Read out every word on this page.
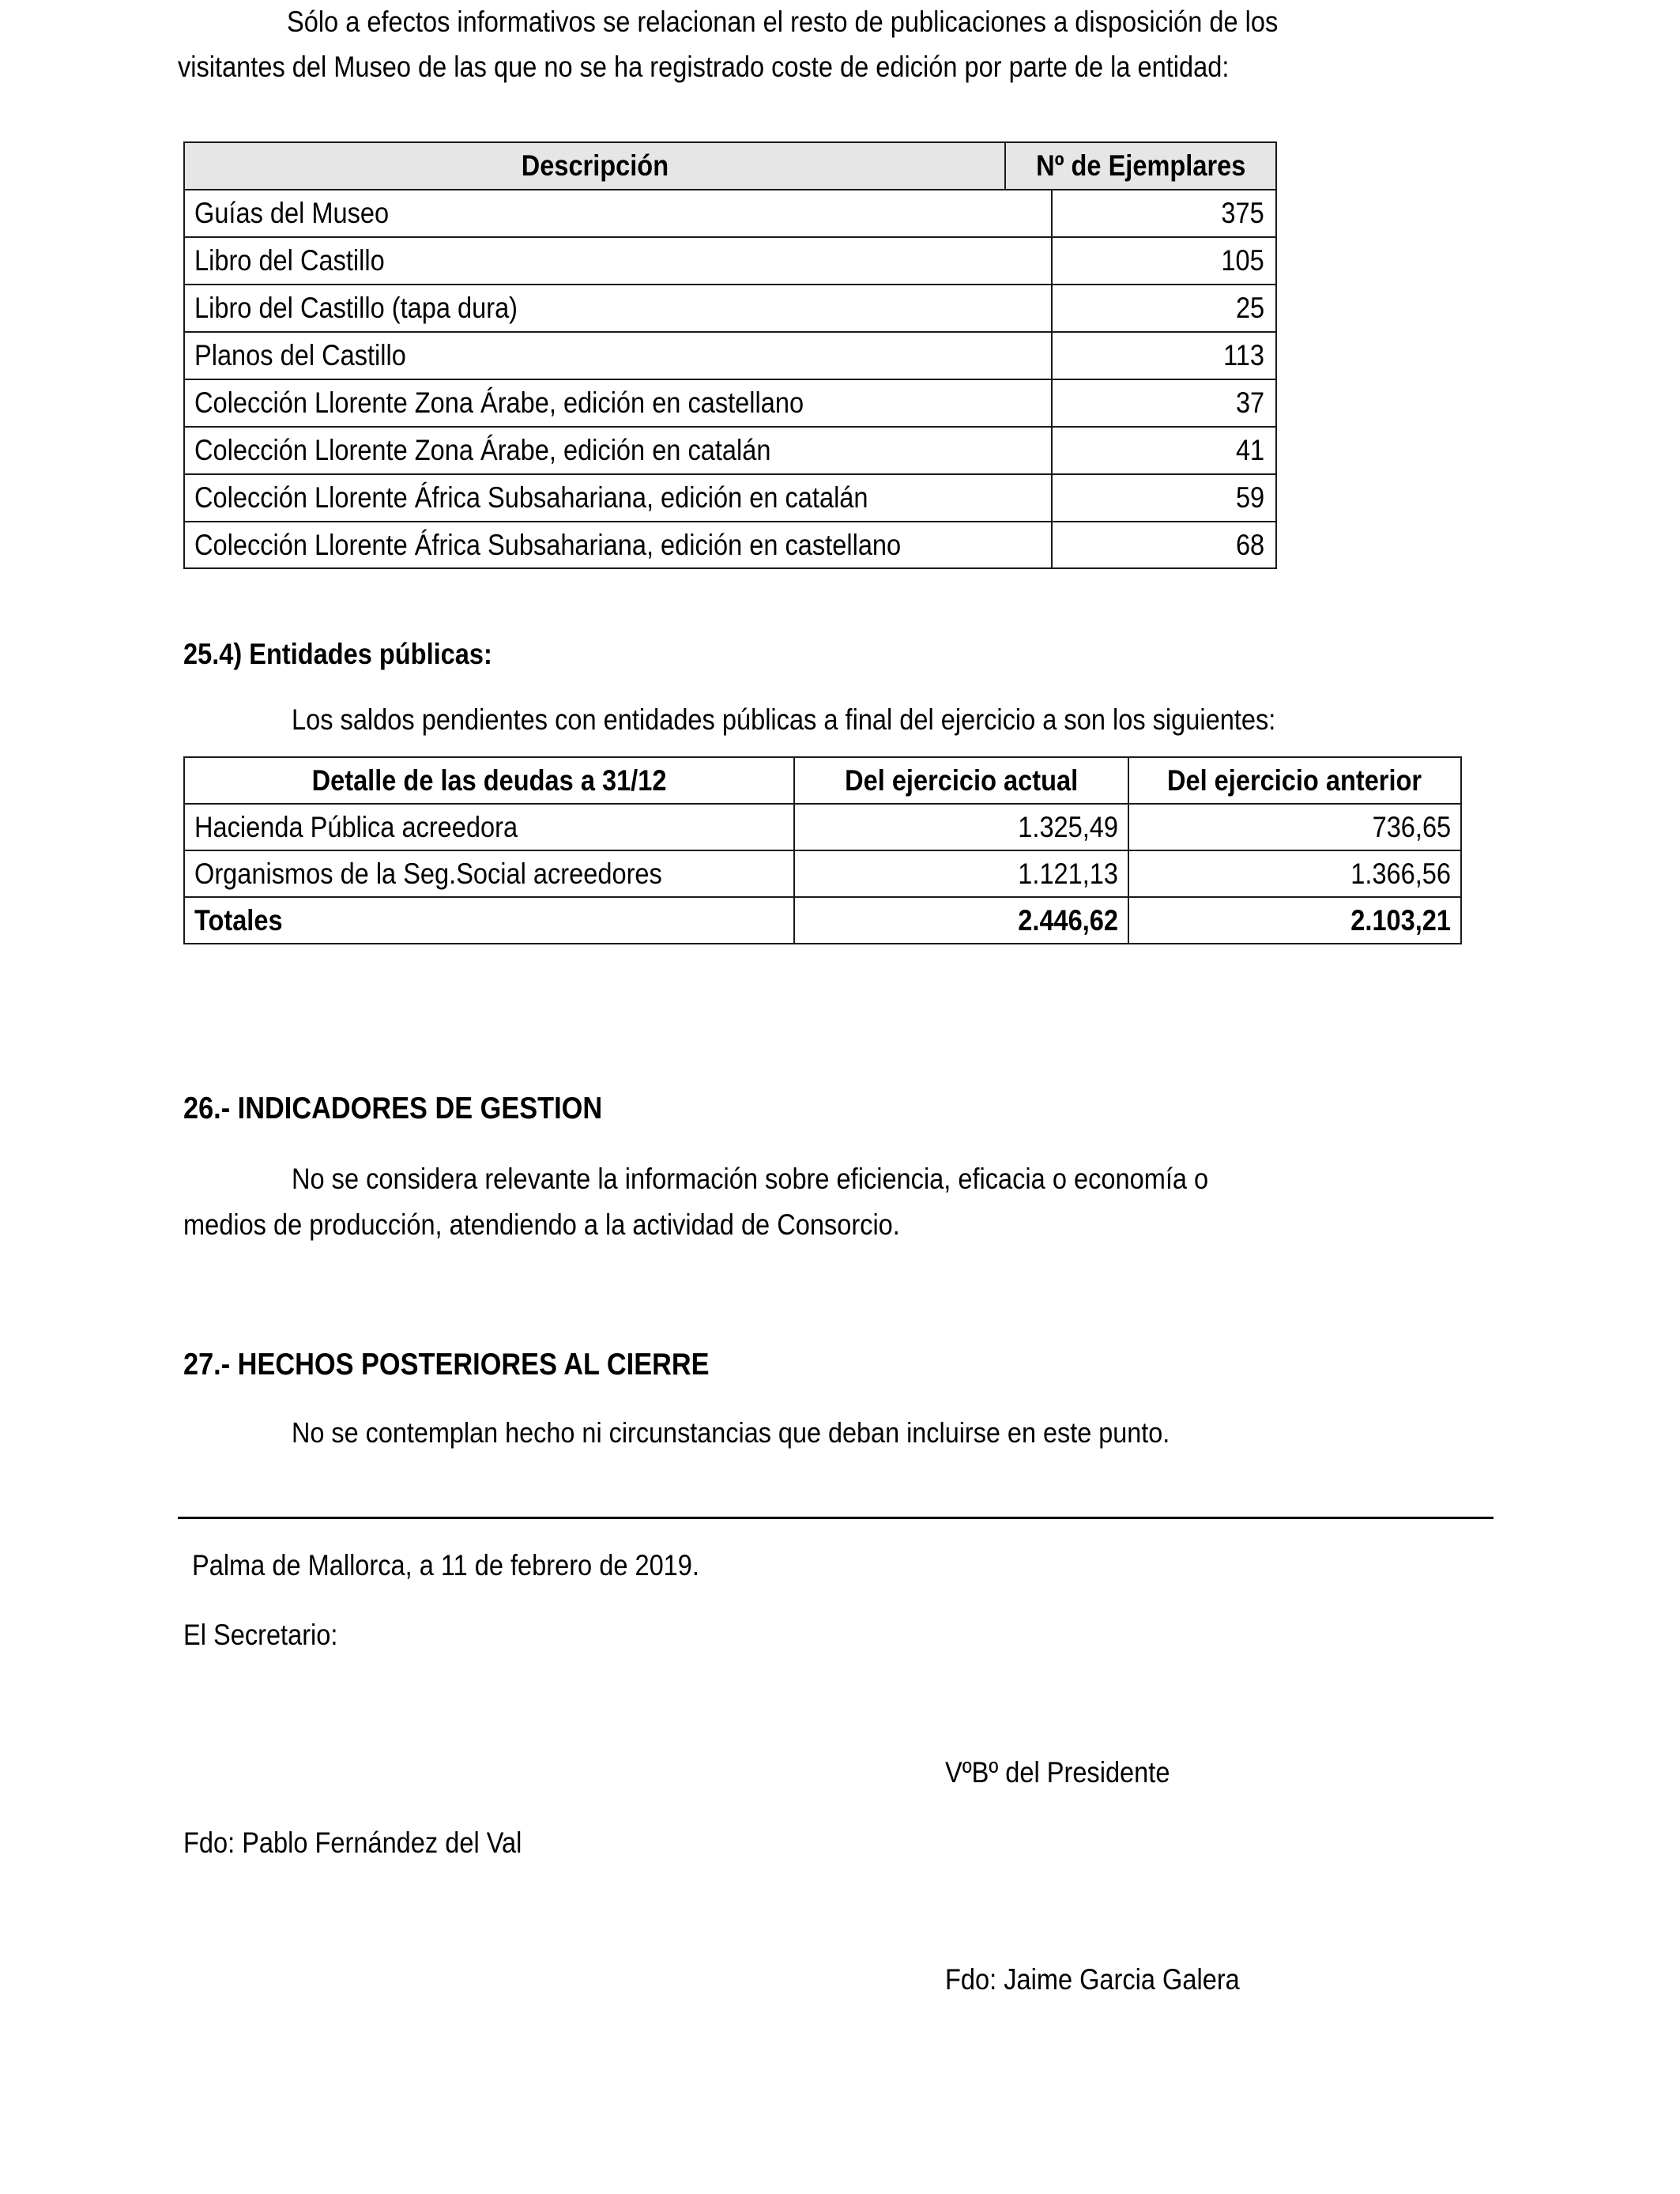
Sólo a efectos informativos se relacionan el resto de publicaciones a disposición de los
visitantes del Museo de las que no se ha registrado coste de edición por parte de la entidad:
Descripción	Nº de Ejemplares
Guías del Museo	375
Libro del Castillo	105
Libro del Castillo (tapa dura)	25
Planos del Castillo	113
Colección Llorente Zona Árabe, edición en castellano	37
Colección Llorente Zona Árabe, edición en catalán	41
Colección Llorente África Subsahariana, edición en catalán	59
Colección Llorente África Subsahariana, edición en castellano	68
25.4) Entidades públicas:
Los saldos pendientes con entidades públicas a final del ejercicio a son los siguientes:
Detalle de las deudas a 31/12	Del ejercicio actual	Del ejercicio anterior
Hacienda Pública acreedora	1.325,49	736,65
Organismos de la Seg.Social acreedores	1.121,13	1.366,56
Totales	2.446,62	2.103,21
26.- INDICADORES DE GESTION
No se considera relevante la información sobre eficiencia, eficacia o economía o
medios de producción, atendiendo a la actividad de Consorcio.
27.- HECHOS POSTERIORES AL CIERRE
No se contemplan hecho ni circunstancias que deban incluirse en este punto.
Palma de Mallorca, a 11 de febrero de 2019.
El Secretario:
VºBº del Presidente
Fdo: Pablo Fernández del Val
Fdo: Jaime Garcia Galera
